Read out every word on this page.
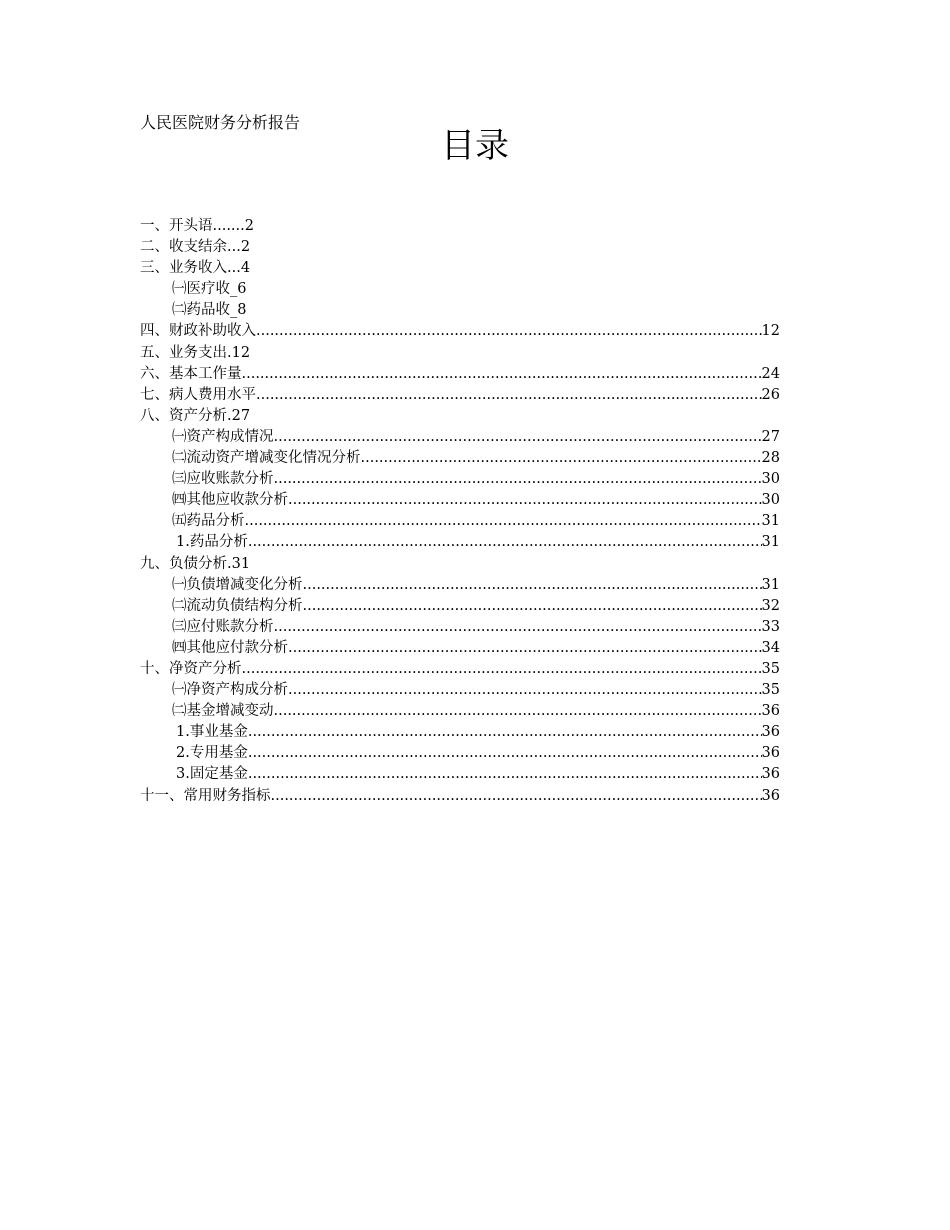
人民医院财务分析报告
目录
一、开头语.......2
二、收支结余...2
三、业务收入...4
㈠医疗收_6
㈡药品收_8
四、财政补助收入 .....	12
五、业务支出.12
六、基本工作量 .....	24
七、病人费用水平 .....	26
八、资产分析.27
㈠资产构成情况 .....	27
㈡流动资产增减变化情况分析 .....	28
㈢应收账款分析 .....	30
㈣其他应收款分析 .....	30
㈤药品分析 .....	31
1.药品分析 .....	31
九、负债分析.31
㈠负债增减变化分析 .....	31
㈡流动负债结构分析 .....	32
㈢应付账款分析 .....	33
㈣其他应付款分析 .....	34
十、净资产分析 .....	35
㈠净资产构成分析 .....	35
㈡基金增减变动 .....	36
1.事业基金 .....	36
2.专用基金 .....	36
3.固定基金 .....	36
十一、常用财务指标 .....	36
